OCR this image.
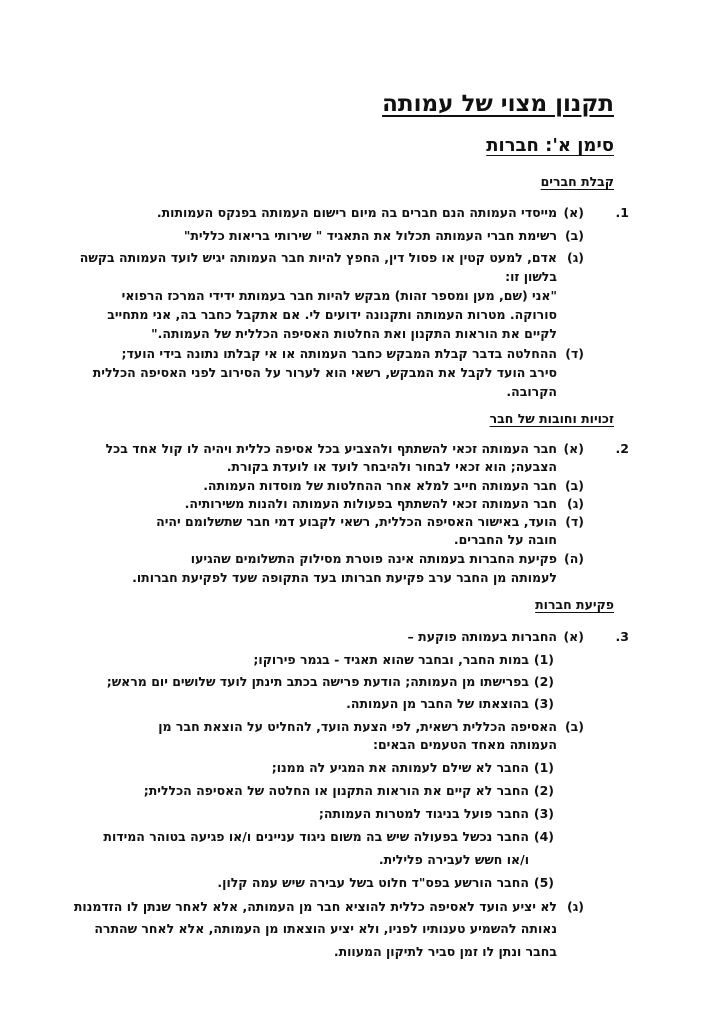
תקנון מצוי של עמותה
סימן א': חברות
קבלת חברים
1.
(א)
מייסדי העמותה הנם חברים בה מיום רישום העמותה בפנקס העמותות.
(ב)
רשימת חברי העמותה תכלול את התאגיד " שירותי בריאות כללית"
(ג)
אדם, למעט קטין או פסול דין, החפץ להיות חבר העמותה יגיש לועד העמותה בקשה
בלשון זו:
"אני (שם, מען ומספר זהות) מבקש להיות חבר בעמותת ידידי המרכז הרפואי
סורוקה. מטרות העמותה ותקנונה ידועים לי. אם אתקבל כחבר בה, אני מתחייב
לקיים את הוראות התקנון ואת החלטות האסיפה הכללית של העמותה."
(ד)
ההחלטה בדבר קבלת המבקש כחבר העמותה או אי קבלתו נתונה בידי הועד;
סירב הועד לקבל את המבקש, רשאי הוא לערור על הסירוב לפני האסיפה הכללית
הקרובה.
זכויות וחובות של חבר
2.
(א)
חבר העמותה זכאי להשתתף ולהצביע בכל אסיפה כללית ויהיה לו קול אחד בכל
הצבעה; הוא זכאי לבחור ולהיבחר לועד או לועדת בקורת.
(ב)
חבר העמותה חייב למלא אחר ההחלטות של מוסדות העמותה.
(ג)
חבר העמותה זכאי להשתתף בפעולות העמותה ולהנות משירותיה.
(ד)
הועד, באישור האסיפה הכללית, רשאי לקבוע דמי חבר שתשלומם יהיה
חובה על החברים.
(ה)
פקיעת החברות בעמותה אינה פוטרת מסילוק התשלומים שהגיעו
לעמותה מן החבר ערב פקיעת חברותו בעד התקופה שעד לפקיעת חברותו.
פקיעת חברות
3.
(א)
החברות בעמותה פוקעת –
(1)
במות החבר, ובחבר שהוא תאגיד - בגמר פירוקו;
(2)
בפרישתו מן העמותה; הודעת פרישה בכתב תינתן לועד שלושים יום מראש;
(3)
בהוצאתו של החבר מן העמותה.
(ב)
האסיפה הכללית רשאית, לפי הצעת הועד, להחליט על הוצאת חבר מן
העמותה מאחד הטעמים הבאים:
(1)
החבר לא שילם לעמותה את המגיע לה ממנו;
(2)
החבר לא קיים את הוראות התקנון או החלטה של האסיפה הכללית;
(3)
החבר פועל בניגוד למטרות העמותה;
(4)
החבר נכשל בפעולה שיש בה משום ניגוד עניינים ו/או פגיעה בטוהר המידות
ו/או חשש לעבירה פלילית.
(5)
החבר הורשע בפס"ד חלוט בשל עבירה שיש עמה קלון.
(ג)
לא יציע הועד לאסיפה כללית להוציא חבר מן העמותה, אלא לאחר שנתן לו הזדמנות
נאותה להשמיע טענותיו לפניו, ולא יציע הוצאתו מן העמותה, אלא לאחר שהתרה
בחבר ונתן לו זמן סביר לתיקון המעוות.
